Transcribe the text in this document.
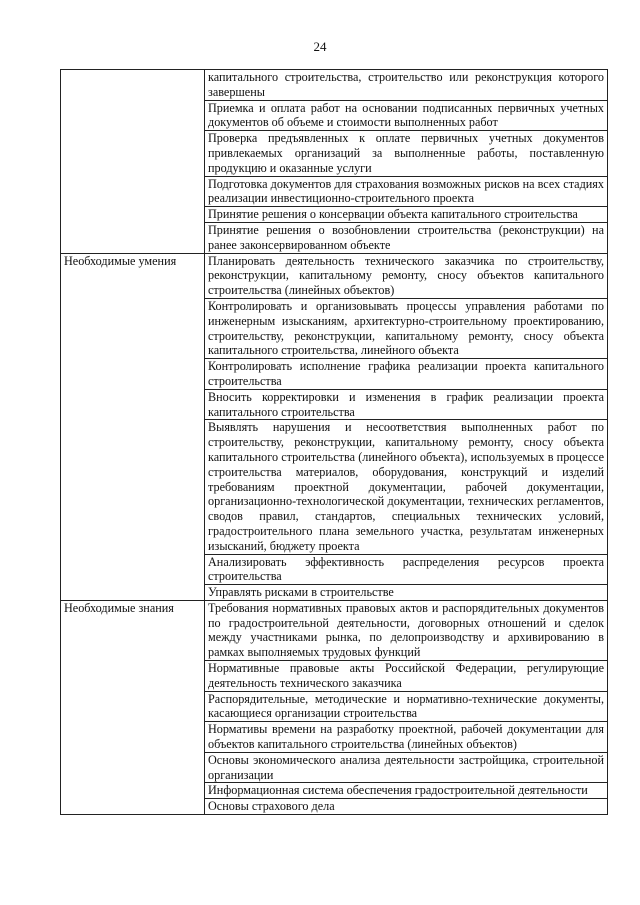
24
	капитального строительства, строительство или реконструкция которого завершены
	Приемка и оплата работ на основании подписанных первичных учетных документов об объеме и стоимости выполненных работ
	Проверка предъявленных к оплате первичных учетных документов привлекаемых организаций за выполненные работы, поставленную продукцию и оказанные услуги
	Подготовка документов для страхования возможных рисков на всех стадиях реализации инвестиционно-строительного проекта
	Принятие решения о консервации объекта капитального строительства
	Принятие решения о возобновлении строительства (реконструкции) на ранее законсервированном объекте
Необходимые умения	Планировать деятельность технического заказчика по строительству, реконструкции, капитальному ремонту, сносу объектов капитального строительства (линейных объектов)
	Контролировать и организовывать процессы управления работами по инженерным изысканиям, архитектурно-строительному проектированию, строительству, реконструкции, капитальному ремонту, сносу объекта капитального строительства, линейного объекта
	Контролировать исполнение графика реализации проекта капитального строительства
	Вносить корректировки и изменения в график реализации проекта капитального строительства
	Выявлять нарушения и несоответствия выполненных работ по строительству, реконструкции, капитальному ремонту, сносу объекта капитального строительства (линейного объекта), используемых в процессе строительства материалов, оборудования, конструкций и изделий требованиям проектной документации, рабочей документации, организационно-технологической документации, технических регламентов, сводов правил, стандартов, специальных технических условий, градостроительного плана земельного участка, результатам инженерных изысканий, бюджету проекта
	Анализировать эффективность распределения ресурсов проекта строительства
	Управлять рисками в строительстве
Необходимые знания	Требования нормативных правовых актов и распорядительных документов по градостроительной деятельности, договорных отношений и сделок между участниками рынка, по делопроизводству и архивированию в рамках выполняемых трудовых функций
	Нормативные правовые акты Российской Федерации, регулирующие деятельность технического заказчика
	Распорядительные, методические и нормативно-технические документы, касающиеся организации строительства
	Нормативы времени на разработку проектной, рабочей документации для объектов капитального строительства (линейных объектов)
	Основы экономического анализа деятельности застройщика, строительной организации
	Информационная система обеспечения градостроительной деятельности
	Основы страхового дела
